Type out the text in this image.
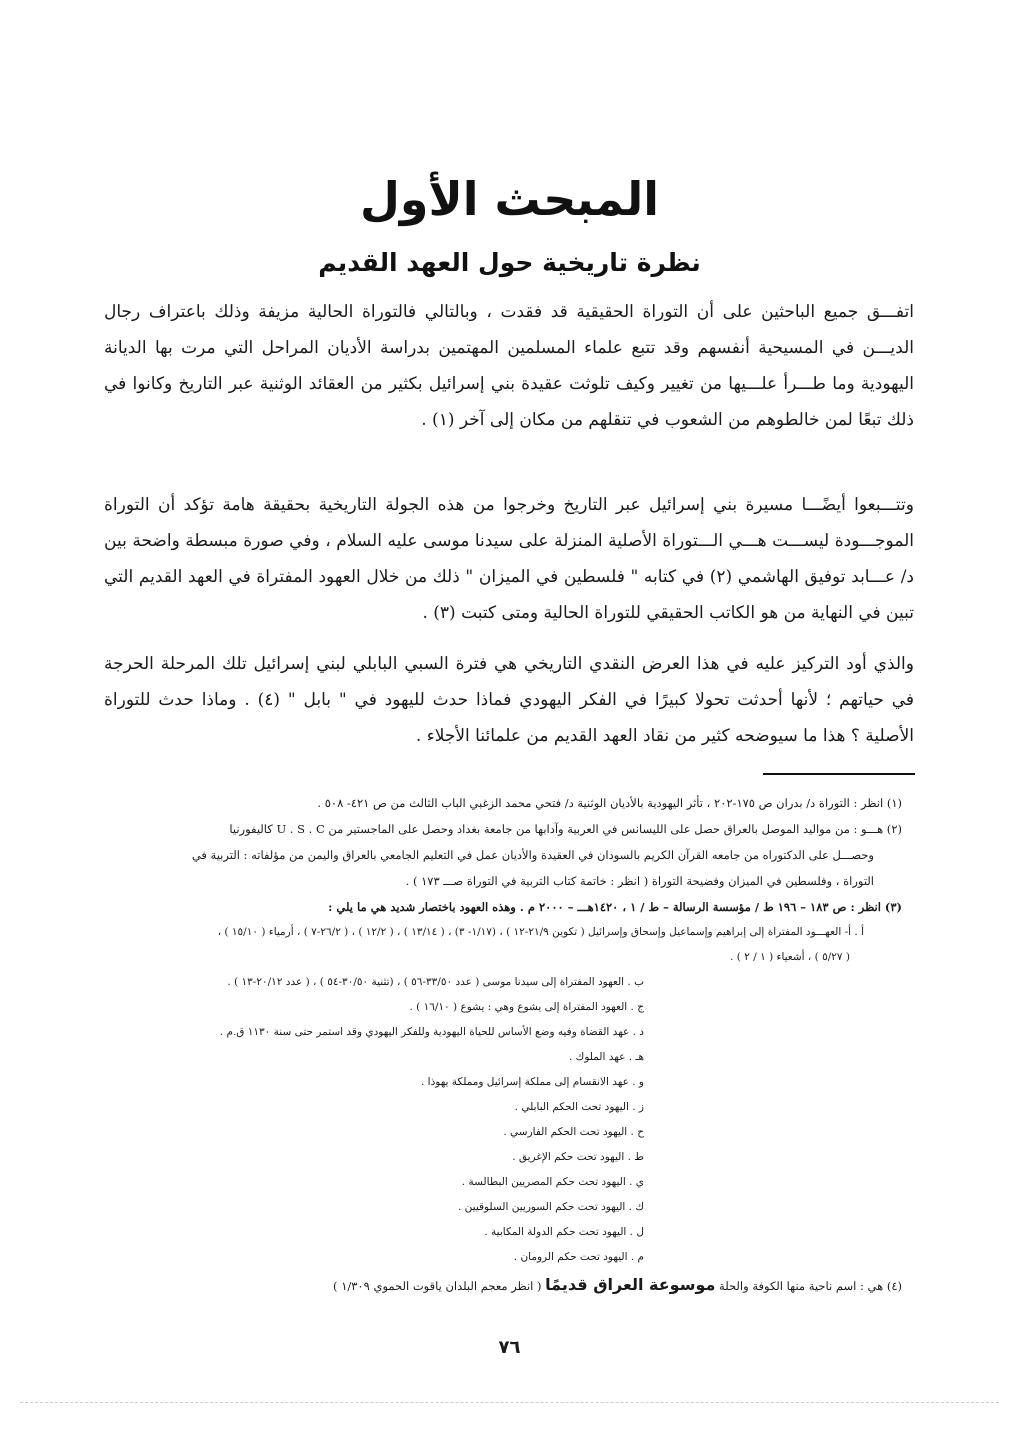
المبحث الأول
نظرة تاريخية حول العهد القديم

اتفـــق جميع الباحثين على أن التوراة الحقيقية قد فقدت ، وبالتالي فالتوراة الحالية مزيفة وذلك باعتراف رجال الديـــن في المسيحية أنفسهم وقد تتبع علماء المسلمين المهتمين بدراسة الأديان المراحل التي مرت بها الديانة اليهودية وما طـــرأ علـــيها من تغيير وكيف تلوثت عقيدة بني إسرائيل بكثير من العقائد الوثنية عبر التاريخ وكانوا في ذلك تبعًا لمن خالطوهم من الشعوب في تنقلهم من مكان إلى آخر (١) .

وتتـــبعوا أيضًـــا مسيرة بني إسرائيل عبر التاريخ وخرجوا من هذه الجولة التاريخية بحقيقة هامة تؤكد أن التوراة الموجـــودة ليســـت هـــي الـــتوراة الأصلية المنزلة على سيدنا موسى عليه السلام ، وفي صورة مبسطة واضحة بين د/ عـــابد توفيق الهاشمي (٢) في كتابه " فلسطين في الميزان " ذلك من خلال العهود المفتراة في العهد القديم التي تبين في النهاية من هو الكاتب الحقيقي للتوراة الحالية ومتى كتبت (٣) .

والذي أود التركيز عليه في هذا العرض النقدي التاريخي هي فترة السبي البابلي لبني إسرائيل تلك المرحلة الحرجة في حياتهم ؛ لأنها أحدثت تحولا كبيرًا في الفكر اليهودي فماذا حدث لليهود في " بابل " (٤) . وماذا حدث للتوراة الأصلية ؟ هذا ما سيوضحه كثير من نقاد العهد القديم من علمائنا الأجلاء .

(١) انظر : التوراة د/ بدران ص ١٧٥-٢٠٢ ، تأثر اليهودية بالأديان الوثنية د/ فتحي محمد الزغبي الباب الثالث من ص ٤٢١- ٥٠٨ .

(٢) هـــو : من مواليد الموصل بالعراق حصل على الليسانس في العربية وآدابها من جامعة بغداد وحصل على الماجستير من U . S . C كاليفورنيا

وحصـــل على الدكتوراه من جامعه القرآن الكريم بالسودان في العقيدة والأديان عمل في التعليم الجامعي بالعراق واليمن من مؤلفاته : التربية في

التوراة ، وفلسطين في الميزان وفضيحة التوراة ( انظر : خاتمة كتاب التربية في التوراة صـــ ١٧٣ ) .

(٣) انظر : ص ١٨٣ – ١٩٦ ط / مؤسسة الرسالة – ط / ١ ، ١٤٢٠هـــ – ٢٠٠٠ م . وهذه العهود باختصار شديد هي ما يلي :

أ . أ- العهـــود المفتراة إلى إبراهيم وإسماعيل وإسحاق وإسرائيل ( تكوين ٢١/٩-١٢ ) ، (١/١٧- ٣) ، ( ١٣/١٤ ) ، ( ١٢/٢ ) ، ( ٢٦/٢-٧ ) ، أرمياء ( ١٥/١٠ ) ،
( ٥/٢٧ ) ، أشعياء ( ١ / ٢ ) .
ب . العهود المفتراة إلى سيدنا موسى ( عدد ٣٣/٥٠-٥٦ ) ، (تثنية ٣٠/٥٠-٥٤ ) ، ( عدد ٢٠/١٢-١٣ ) .
ج . العهود المفتراة إلى يشوع وهي : يشوع ( ١٦/١٠ ) .
د . عهد القضاة وفيه وضع الأساس للحياة اليهودية وللفكر اليهودي وقد استمر حتى سنة ١١٣٠ ق.م .
هـ . عهد الملوك .
و . عهد الانقسام إلى مملكة إسرائيل ومملكة يهوذا .
ز . اليهود تحت الحكم البابلي .
ح . اليهود تحت الحكم الفارسي .
ط . اليهود تحت حكم الإغريق .
ي . اليهود تحت حكم المصريين البطالسة .
ك . اليهود تحت حكم السوريين السلوقيين .
ل . اليهود تحت حكم الدولة المكابية .
م . اليهود تحت حكم الرومان .

(٤) هي : اسم ناحية منها الكوفة والحلة موسوعة العراق قديمًا ( انظر معجم البلدان ياقوت الحموي ١/٣٠٩ )

٧٦
